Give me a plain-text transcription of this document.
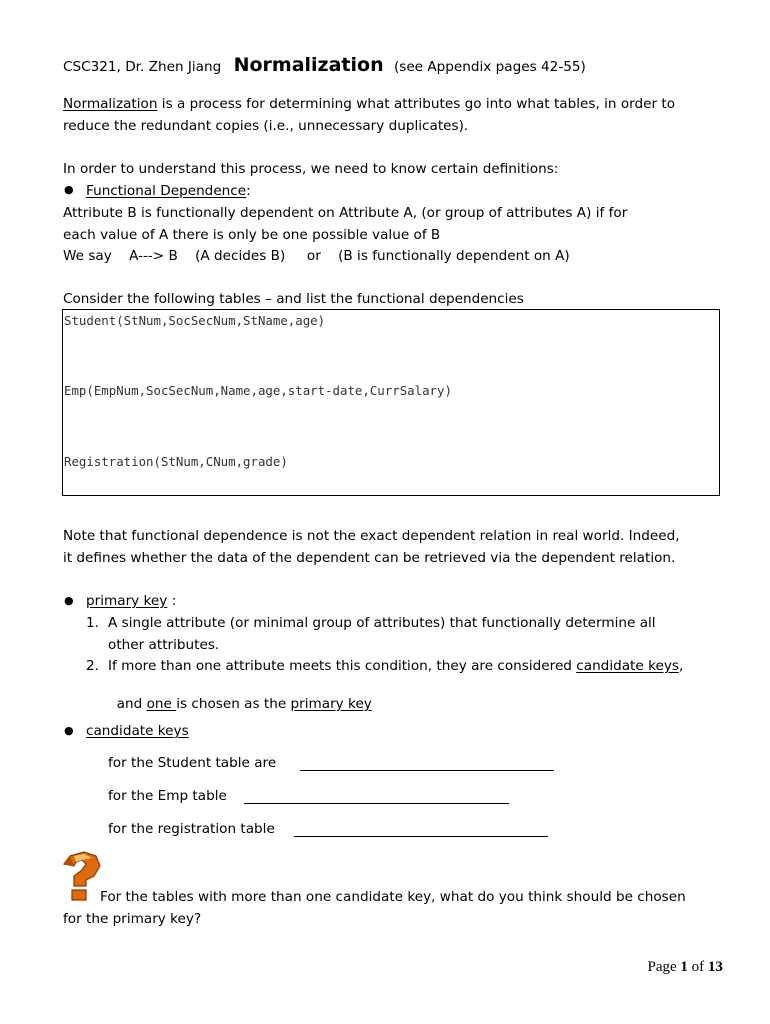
CSC321, Dr. Zhen Jiang Normalization (see Appendix pages 42-55)
Normalization is a process for determining what attributes go into what tables, in order to
reduce the redundant copies (i.e., unnecessary duplicates).
In order to understand this process, we need to know certain definitions:
● Functional Dependence:
Attribute B is functionally dependent on Attribute A, (or group of attributes A) if for
each value of A there is only be one possible value of B
We say    A---> B    (A decides B)     or    (B is functionally dependent on A)
Consider the following tables – and list the functional dependencies
Student(StNum,SocSecNum,StName,age)
Emp(EmpNum,SocSecNum,Name,age,start-date,CurrSalary)
Registration(StNum,CNum,grade)
Note that functional dependence is not the exact dependent relation in real world. Indeed,
it defines whether the data of the dependent can be retrieved via the dependent relation.
● primary key :
1. A single attribute (or minimal group of attributes) that functionally determine all
other attributes.
2. If more than one attribute meets this condition, they are considered candidate keys,

and one is chosen as the primary key

● candidate keys
for the Student table are
for the Emp table
for the registration table
For the tables with more than one candidate key, what do you think should be chosen
for the primary key?

Page 1 of 13
